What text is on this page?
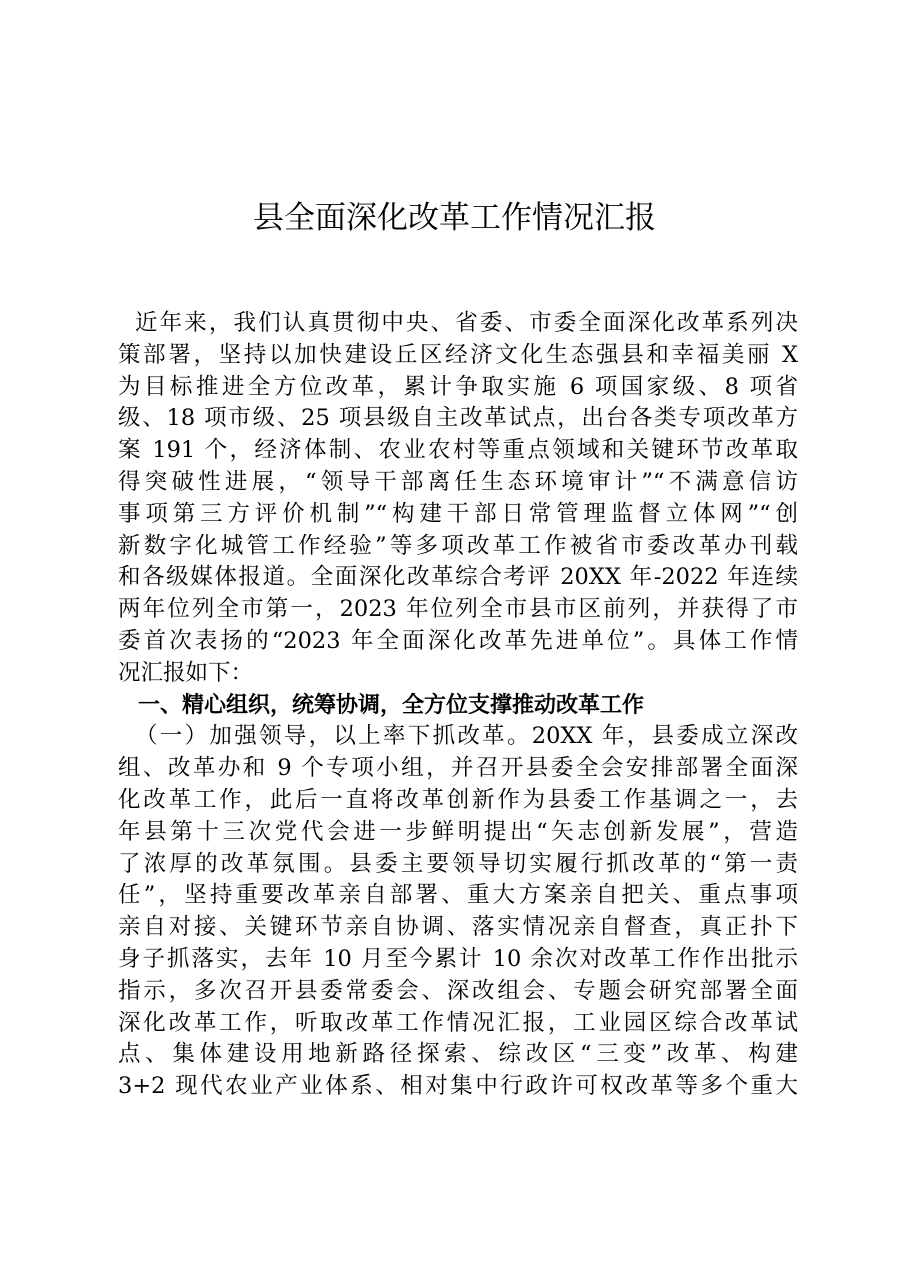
县全面深化改革工作情况汇报
近年来，我们认真贯彻中央、省委、市委全面深化改革系列决
策部署，坚持以加快建设丘区经济文化生态强县和幸福美丽 X
为目标推进全方位改革，累计争取实施 6 项国家级、8 项省
级、18 项市级、25 项县级自主改革试点，出台各类专项改革方
案 191 个，经济体制、农业农村等重点领域和关键环节改革取
得突破性进展，“领导干部离任生态环境审计”“不满意信访
事项第三方评价机制”“构建干部日常管理监督立体网”“创
新数字化城管工作经验”等多项改革工作被省市委改革办刊载
和各级媒体报道。全面深化改革综合考评 20XX 年-2022 年连续
两年位列全市第一，2023 年位列全市县市区前列，并获得了市
委首次表扬的“2023 年全面深化改革先进单位”。具体工作情
况汇报如下：
一、精心组织，统筹协调，全方位支撑推动改革工作
（一）加强领导，以上率下抓改革。20XX 年，县委成立深改
组、改革办和 9 个专项小组，并召开县委全会安排部署全面深
化改革工作，此后一直将改革创新作为县委工作基调之一，去
年县第十三次党代会进一步鲜明提出“矢志创新发展”，营造
了浓厚的改革氛围。县委主要领导切实履行抓改革的“第一责
任”，坚持重要改革亲自部署、重大方案亲自把关、重点事项
亲自对接、关键环节亲自协调、落实情况亲自督查，真正扑下
身子抓落实，去年 10 月至今累计 10 余次对改革工作作出批示
指示，多次召开县委常委会、深改组会、专题会研究部署全面
深化改革工作，听取改革工作情况汇报，工业园区综合改革试
点、集体建设用地新路径探索、综改区“三变”改革、构建
3+2 现代农业产业体系、相对集中行政许可权改革等多个重大
